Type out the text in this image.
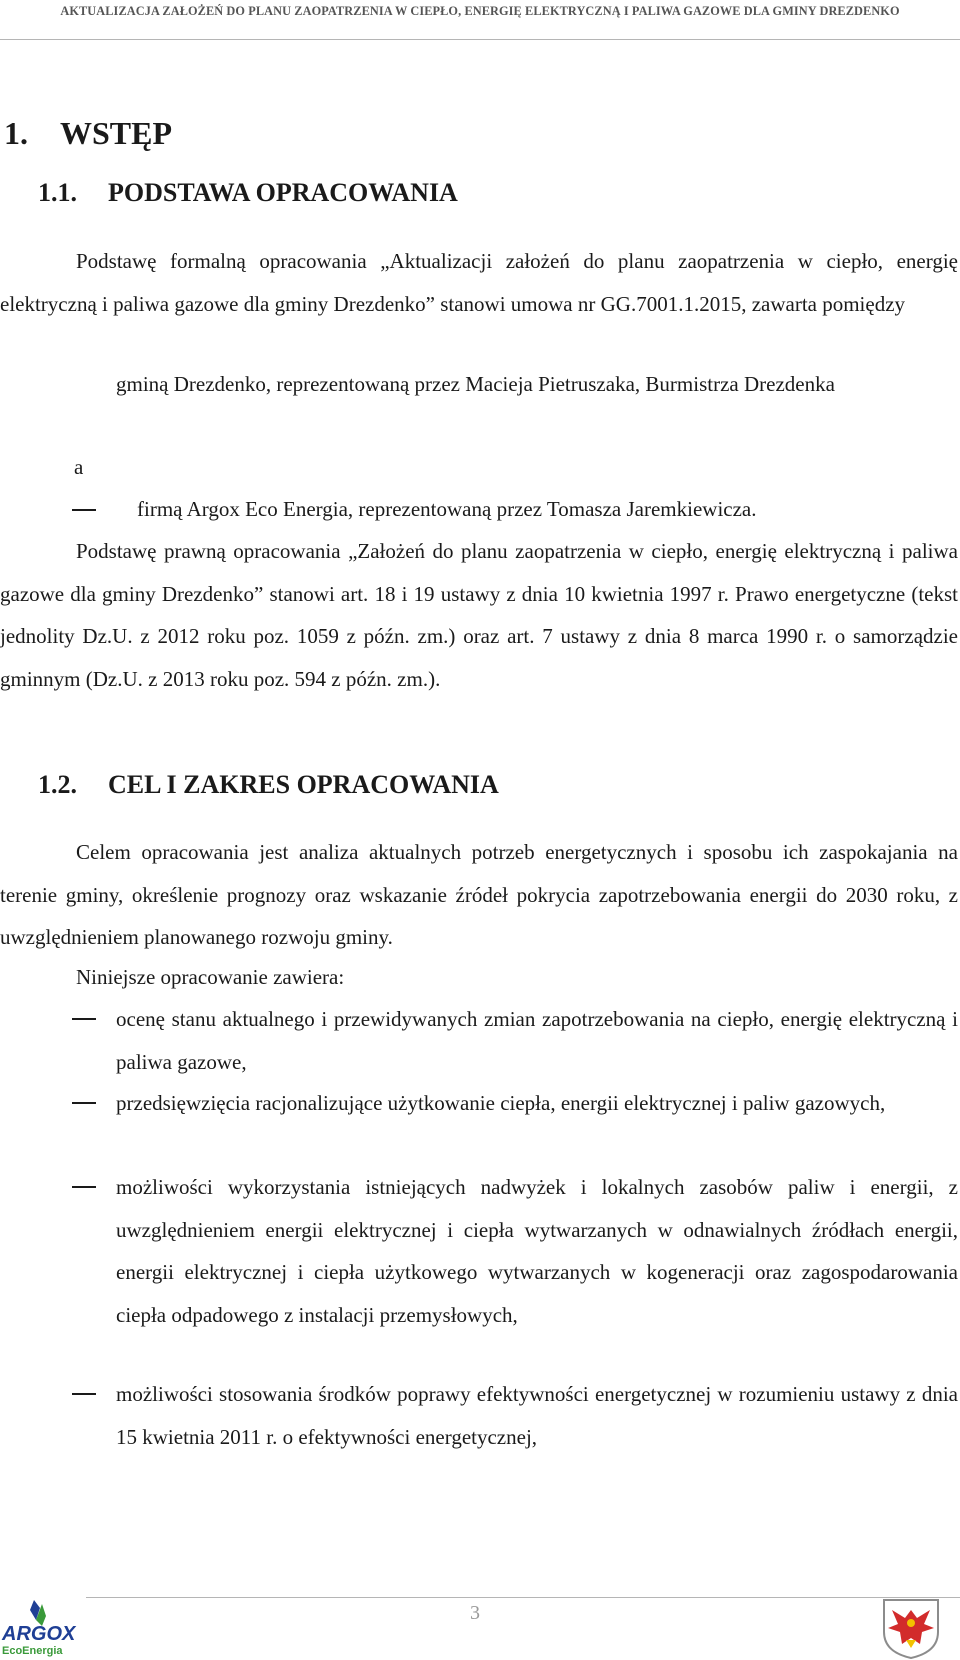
AKTUALIZACJA ZAŁOŻEŃ DO PLANU ZAOPATRZENIA W CIEPŁO, ENERGIĘ ELEKTRYCZNĄ I PALIWA GAZOWE DLA GMINY DREZDENKO
1. WSTĘP
1.1. PODSTAWA OPRACOWANIA

Podstawę formalną opracowania „Aktualizacji założeń do planu zaopatrzenia w ciepło, energię elektryczną i paliwa gazowe dla gminy Drezdenko” stanowi umowa nr GG.7001.1.2015, zawarta pomiędzy

gminą Drezdenko, reprezentowaną przez Macieja Pietruszaka, Burmistrza Drezdenka

a

firmą Argox Eco Energia, reprezentowaną przez Tomasza Jaremkiewicza.

Podstawę prawną opracowania „Założeń do planu zaopatrzenia w ciepło, energię elektryczną i paliwa gazowe dla gminy Drezdenko” stanowi art. 18 i 19 ustawy z dnia 10 kwietnia 1997 r. Prawo energetyczne (tekst jednolity Dz.U. z 2012 roku poz. 1059 z późn. zm.) oraz art. 7 ustawy z dnia 8 marca 1990 r. o samorządzie gminnym (Dz.U. z 2013 roku poz. 594 z późn. zm.).

1.2. CEL I ZAKRES OPRACOWANIA

Celem opracowania jest analiza aktualnych potrzeb energetycznych i sposobu ich zaspokajania na terenie gminy, określenie prognozy oraz wskazanie źródeł pokrycia zapotrzebowania energii do 2030 roku, z uwzględnieniem planowanego rozwoju gminy.

Niniejsze opracowanie zawiera:

ocenę stanu aktualnego i przewidywanych zmian zapotrzebowania na ciepło, energię elektryczną i paliwa gazowe,

przedsięwzięcia racjonalizujące użytkowanie ciepła, energii elektrycznej i paliw gazowych,

możliwości wykorzystania istniejących nadwyżek i lokalnych zasobów paliw i energii, z uwzględnieniem energii elektrycznej i ciepła wytwarzanych w odnawialnych źródłach energii, energii elektrycznej i ciepła użytkowego wytwarzanych w kogeneracji oraz zagospodarowania ciepła odpadowego z instalacji przemysłowych,

możliwości stosowania środków poprawy efektywności energetycznej w rozumieniu ustawy z dnia 15 kwietnia 2011 r. o efektywności energetycznej,

3
ARGOX
EcoEnergia
